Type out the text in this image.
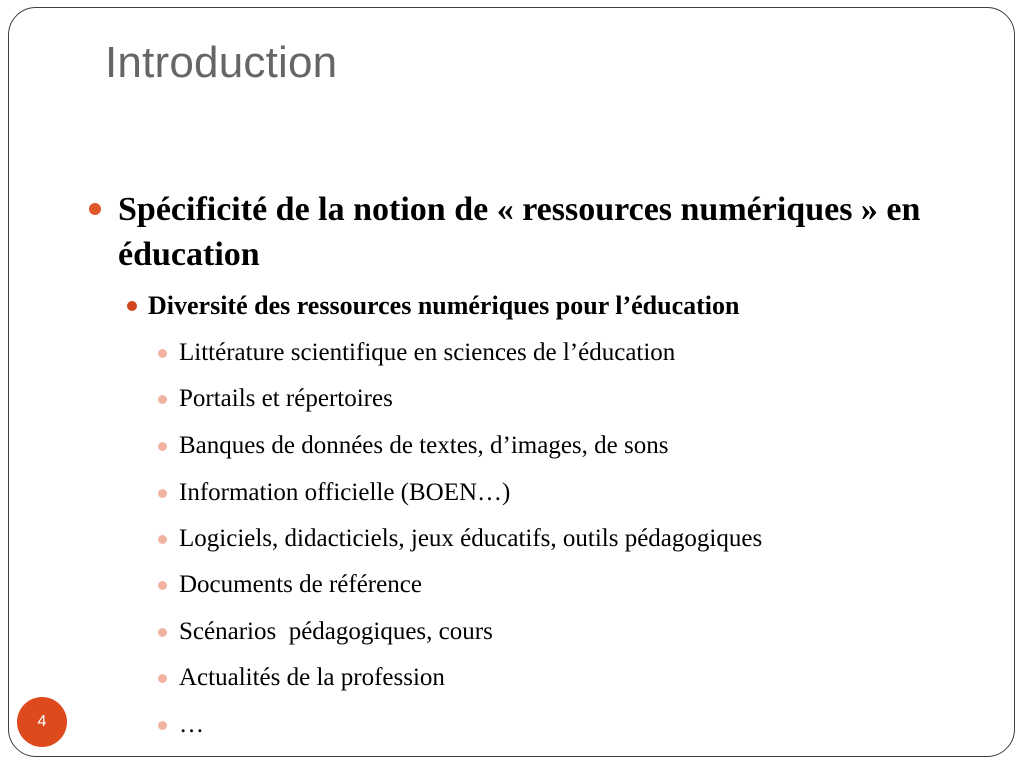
Introduction
Spécificité de la notion de « ressources numériques » en éducation
Diversité des ressources numériques pour l’éducation
Littérature scientifique en sciences de l’éducation
Portails et répertoires
Banques de données de textes, d’images, de sons
Information officielle (BOEN…)
Logiciels, didacticiels, jeux éducatifs, outils pédagogiques
Documents de référence
Scénarios  pédagogiques, cours
Actualités de la profession
…
4
